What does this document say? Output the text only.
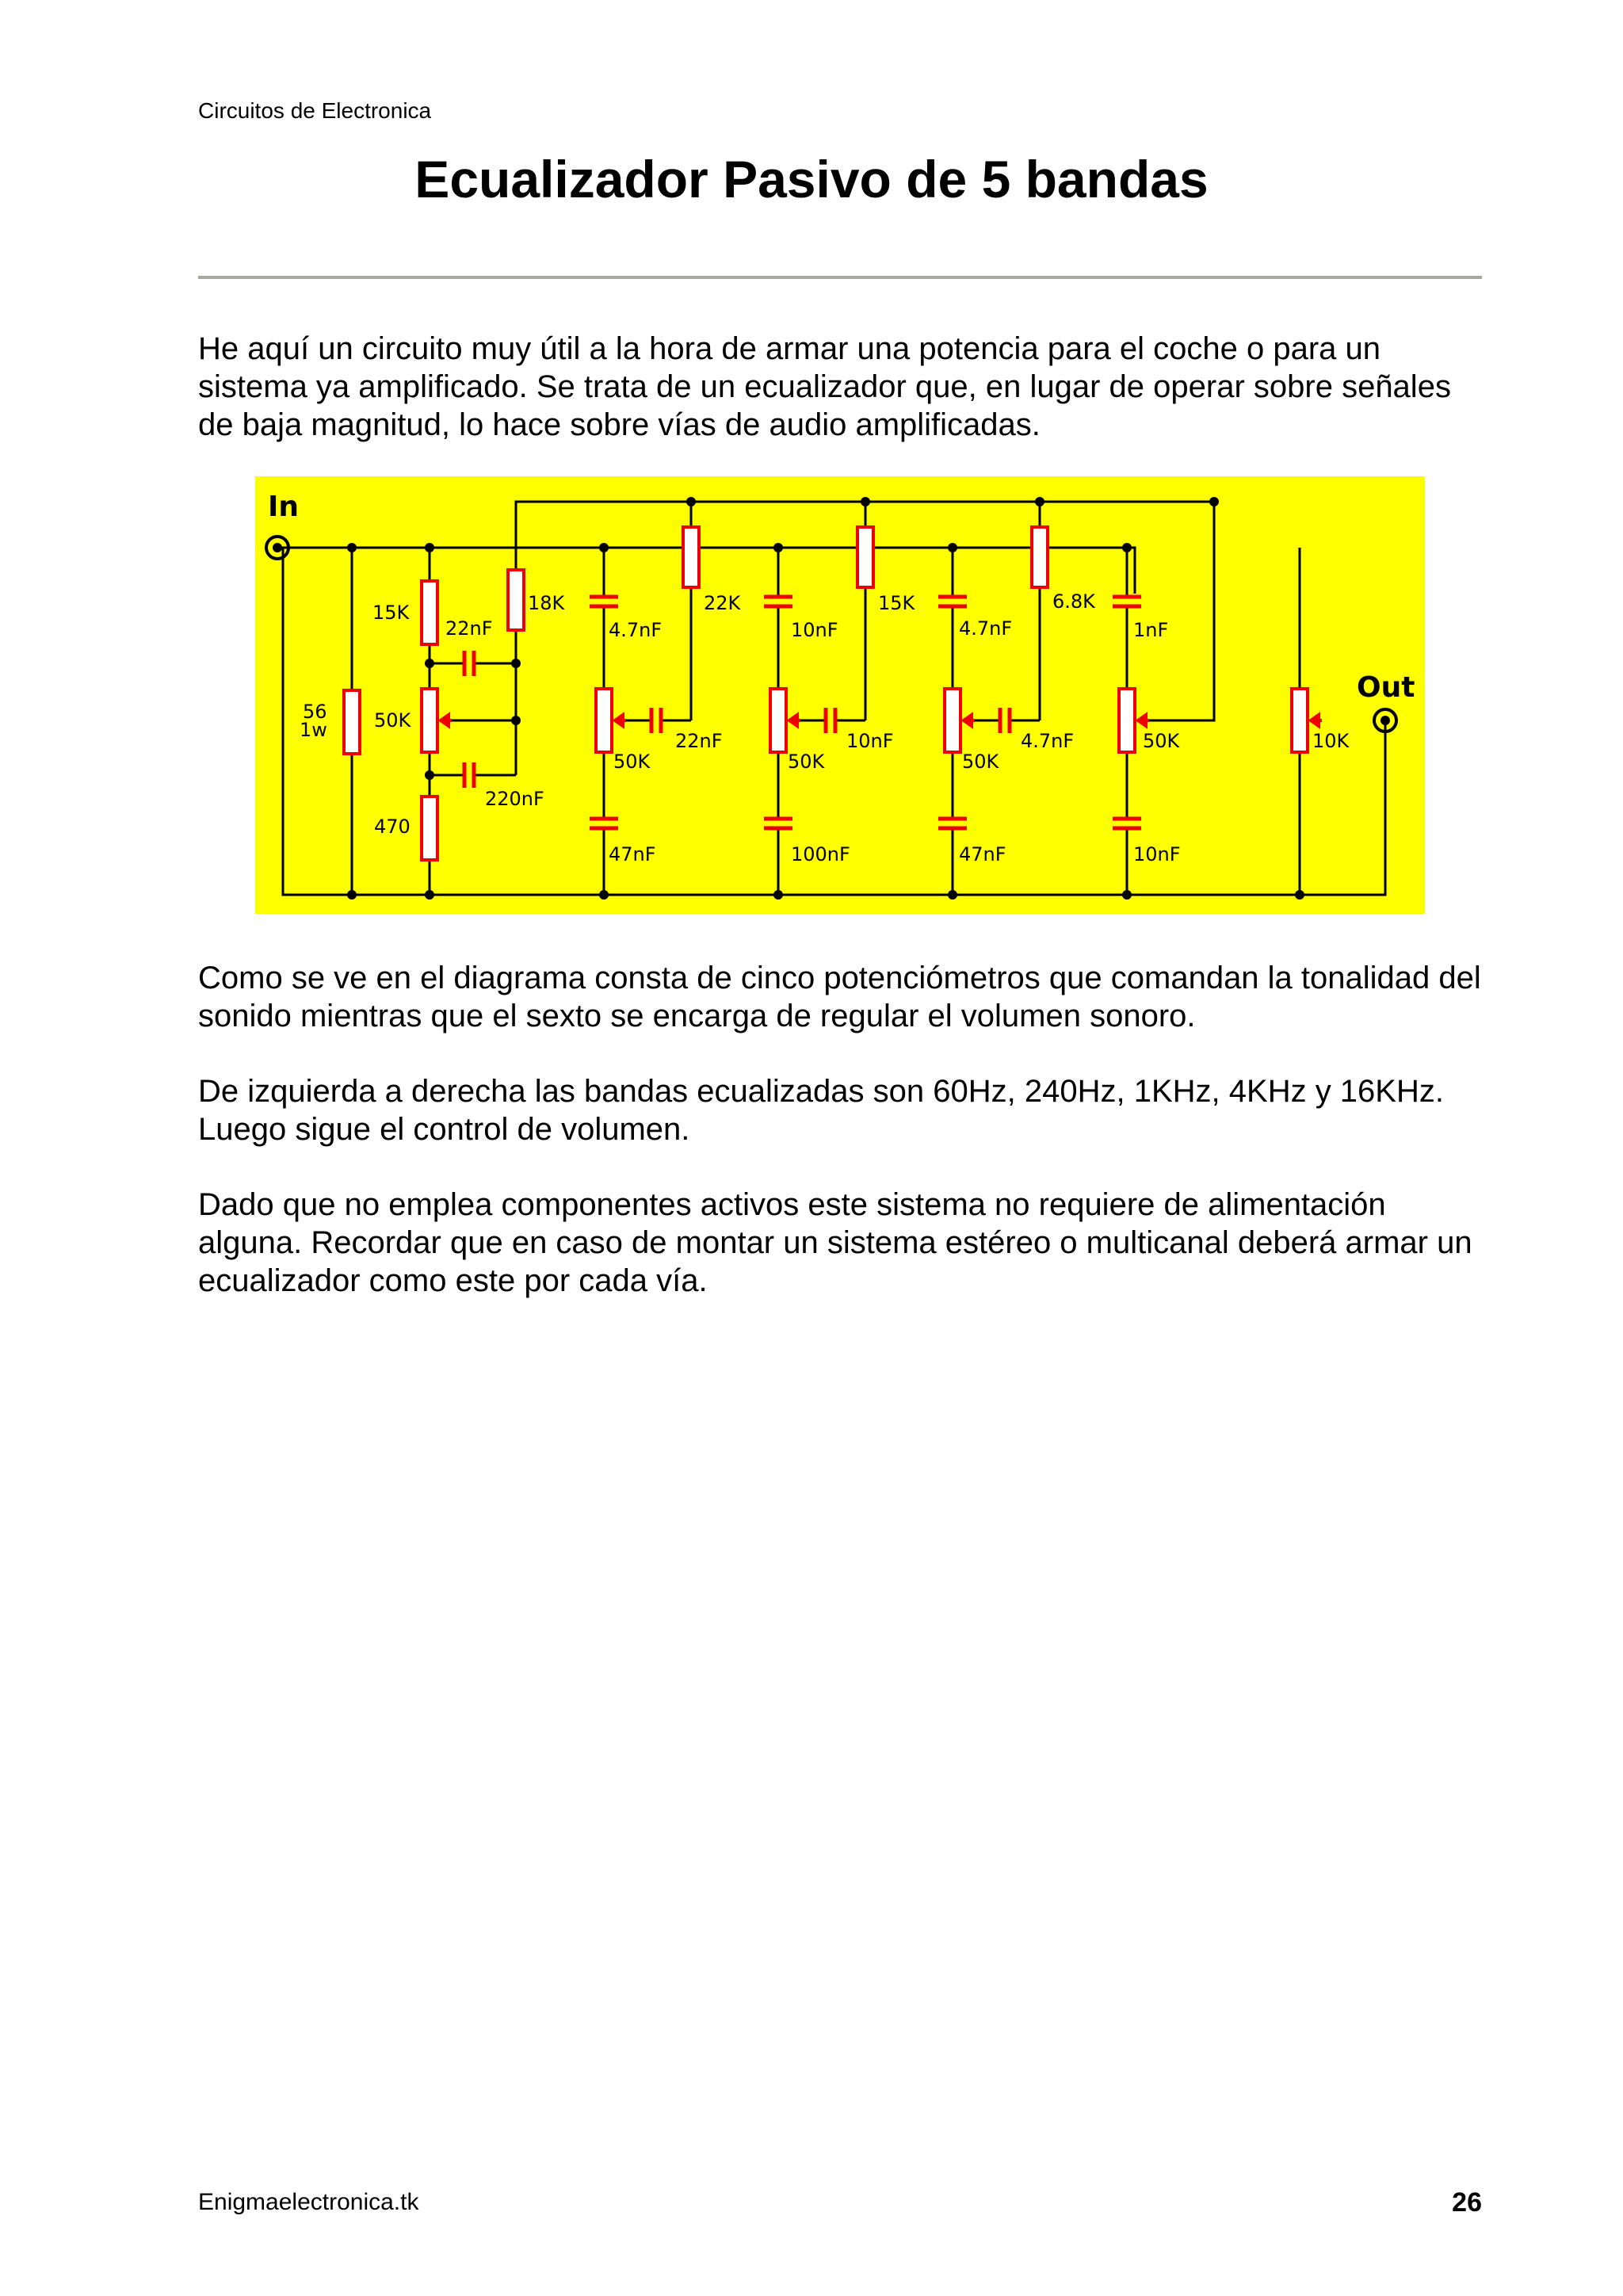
Circuitos de Electronica
Ecualizador Pasivo de 5 bandas

He aquí un circuito muy útil a la hora de armar una potencia para el coche o para un sistema ya amplificado. Se trata de un ecualizador que, en lugar de operar sobre señales de baja magnitud, lo hace sobre vías de audio amplificadas.

In
Out
56
1w
15K
22nF
50K
220nF
470
18K
4.7nF
50K
22nF
47nF
22K
10nF
50K
10nF
100nF
15K
4.7nF
50K
4.7nF
47nF
6.8K
1nF
50K
10nF
10K

Como se ve en el diagrama consta de cinco potenciómetros que comandan la tonalidad del sonido mientras que el sexto se encarga de regular el volumen sonoro.

De izquierda a derecha las bandas ecualizadas son 60Hz, 240Hz, 1KHz, 4KHz y 16KHz. Luego sigue el control de volumen.

Dado que no emplea componentes activos este sistema no requiere de alimentación alguna. Recordar que en caso de montar un sistema estéreo o multicanal deberá armar un ecualizador como este por cada vía.

Enigmaelectronica.tk	26
